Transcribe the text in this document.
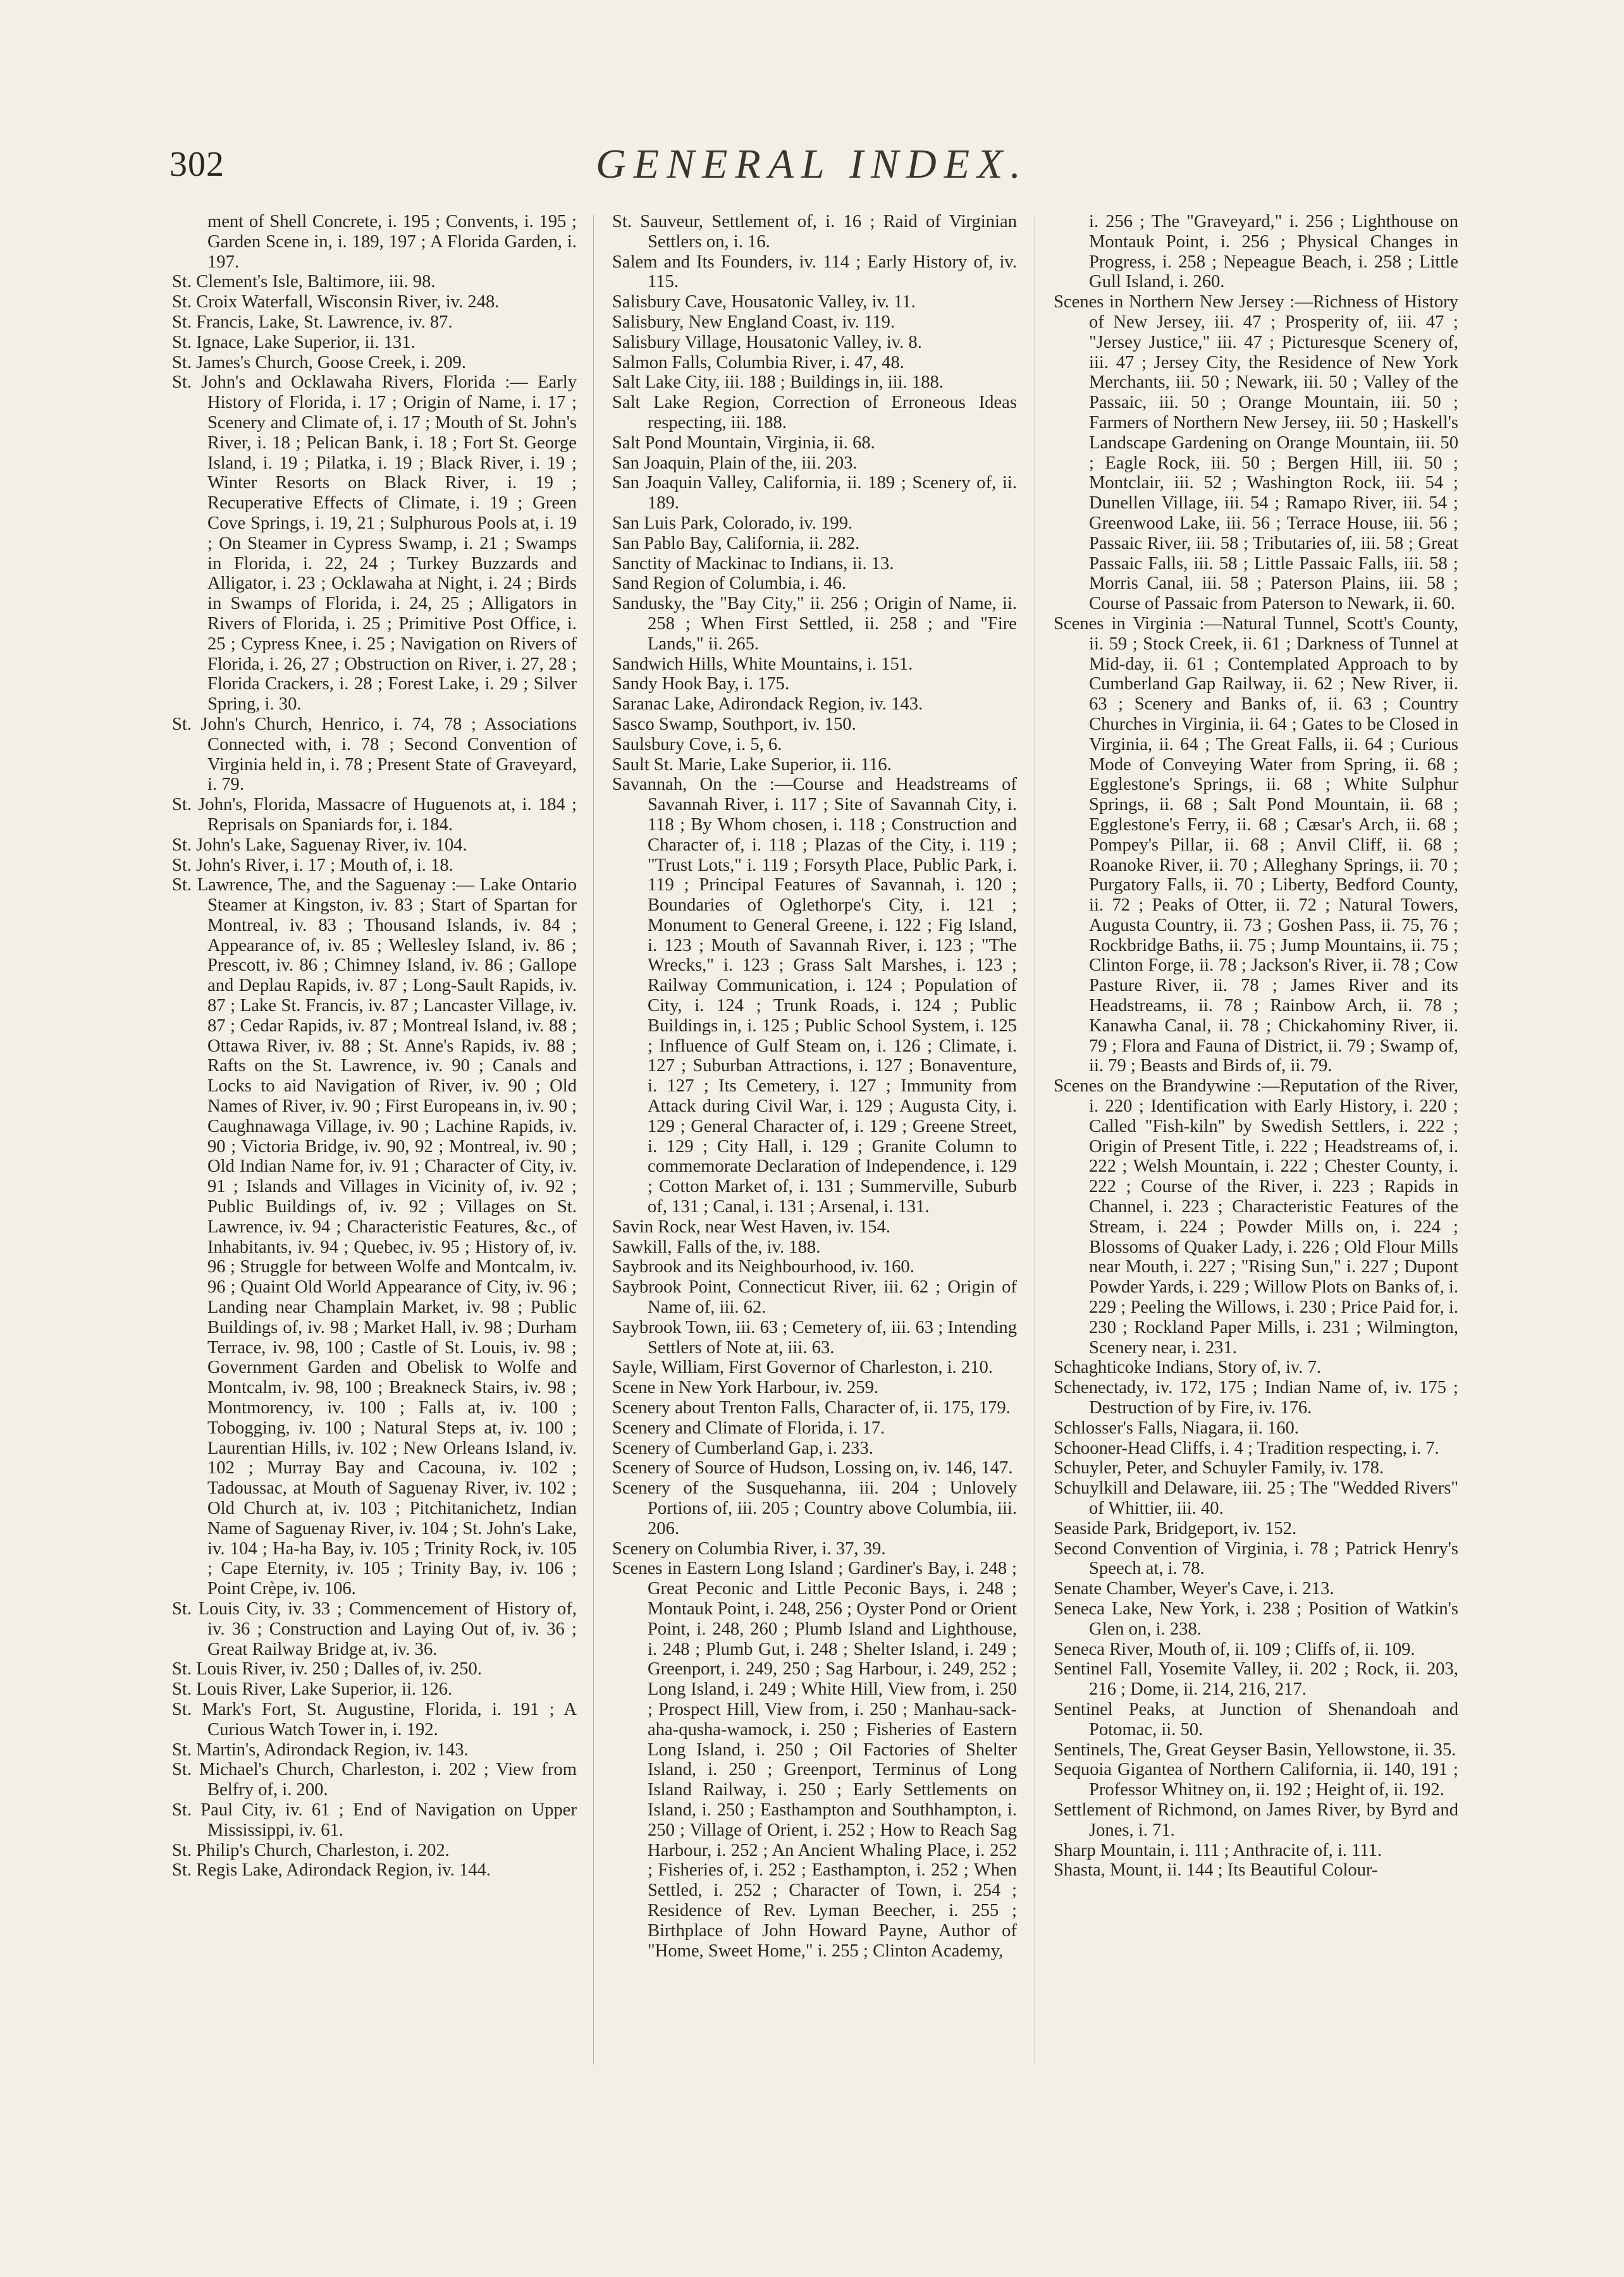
302	GENERAL INDEX.

ment of Shell Concrete, i. 195 ; Convents, i. 195 ; Garden Scene in, i. 189, 197 ; A Florida Garden, i. 197.

St. Clement's Isle, Baltimore, iii. 98.

St. Croix Waterfall, Wisconsin River, iv. 248.

St. Francis, Lake, St. Lawrence, iv. 87.

St. Ignace, Lake Superior, ii. 131.

St. James's Church, Goose Creek, i. 209.

St. John's and Ocklawaha Rivers, Florida :— Early History of Florida, i. 17 ; Origin of Name, i. 17 ; Scenery and Climate of, i. 17 ; Mouth of St. John's River, i. 18 ; Pelican Bank, i. 18 ; Fort St. George Island, i. 19 ; Pilatka, i. 19 ; Black River, i. 19 ; Winter Resorts on Black River, i. 19 ; Recuperative Effects of Climate, i. 19 ; Green Cove Springs, i. 19, 21 ; Sulphurous Pools at, i. 19 ; On Steamer in Cypress Swamp, i. 21 ; Swamps in Florida, i. 22, 24 ; Turkey Buzzards and Alligator, i. 23 ; Ocklawaha at Night, i. 24 ; Birds in Swamps of Florida, i. 24, 25 ; Alligators in Rivers of Florida, i. 25 ; Primitive Post Office, i. 25 ; Cypress Knee, i. 25 ; Navigation on Rivers of Florida, i. 26, 27 ; Obstruction on River, i. 27, 28 ; Florida Crackers, i. 28 ; Forest Lake, i. 29 ; Silver Spring, i. 30.

St. John's Church, Henrico, i. 74, 78 ; Associations Connected with, i. 78 ; Second Convention of Virginia held in, i. 78 ; Present State of Graveyard, i. 79.

St. John's, Florida, Massacre of Huguenots at, i. 184 ; Reprisals on Spaniards for, i. 184.

St. John's Lake, Saguenay River, iv. 104.

St. John's River, i. 17 ; Mouth of, i. 18.

St. Lawrence, The, and the Saguenay :— Lake Ontario Steamer at Kingston, iv. 83 ; Start of Spartan for Montreal, iv. 83 ; Thousand Islands, iv. 84 ; Appearance of, iv. 85 ; Wellesley Island, iv. 86 ; Prescott, iv. 86 ; Chimney Island, iv. 86 ; Gallope and Deplau Rapids, iv. 87 ; Long-Sault Rapids, iv. 87 ; Lake St. Francis, iv. 87 ; Lancaster Village, iv. 87 ; Cedar Rapids, iv. 87 ; Montreal Island, iv. 88 ; Ottawa River, iv. 88 ; St. Anne's Rapids, iv. 88 ; Rafts on the St. Lawrence, iv. 90 ; Canals and Locks to aid Navigation of River, iv. 90 ; Old Names of River, iv. 90 ; First Europeans in, iv. 90 ; Caughnawaga Village, iv. 90 ; Lachine Rapids, iv. 90 ; Victoria Bridge, iv. 90, 92 ; Montreal, iv. 90 ; Old Indian Name for, iv. 91 ; Character of City, iv. 91 ; Islands and Villages in Vicinity of, iv. 92 ; Public Buildings of, iv. 92 ; Villages on St. Lawrence, iv. 94 ; Characteristic Features, &c., of Inhabitants, iv. 94 ; Quebec, iv. 95 ; History of, iv. 96 ; Struggle for between Wolfe and Montcalm, iv. 96 ; Quaint Old World Appearance of City, iv. 96 ; Landing near Champlain Market, iv. 98 ; Public Buildings of, iv. 98 ; Market Hall, iv. 98 ; Durham Terrace, iv. 98, 100 ; Castle of St. Louis, iv. 98 ; Government Garden and Obelisk to Wolfe and Montcalm, iv. 98, 100 ; Breakneck Stairs, iv. 98 ; Montmorency, iv. 100 ; Falls at, iv. 100 ; Tobogging, iv. 100 ; Natural Steps at, iv. 100 ; Laurentian Hills, iv. 102 ; New Orleans Island, iv. 102 ; Murray Bay and Cacouna, iv. 102 ; Tadoussac, at Mouth of Saguenay River, iv. 102 ; Old Church at, iv. 103 ; Pitchitanichetz, Indian Name of Saguenay River, iv. 104 ; St. John's Lake, iv. 104 ; Ha-ha Bay, iv. 105 ; Trinity Rock, iv. 105 ; Cape Eternity, iv. 105 ; Trinity Bay, iv. 106 ; Point Crèpe, iv. 106.

St. Louis City, iv. 33 ; Commencement of History of, iv. 36 ; Construction and Laying Out of, iv. 36 ; Great Railway Bridge at, iv. 36.

St. Louis River, iv. 250 ; Dalles of, iv. 250.

St. Louis River, Lake Superior, ii. 126.

St. Mark's Fort, St. Augustine, Florida, i. 191 ; A Curious Watch Tower in, i. 192.

St. Martin's, Adirondack Region, iv. 143.

St. Michael's Church, Charleston, i. 202 ; View from Belfry of, i. 200.

St. Paul City, iv. 61 ; End of Navigation on Upper Mississippi, iv. 61.

St. Philip's Church, Charleston, i. 202.

St. Regis Lake, Adirondack Region, iv. 144.

St. Sauveur, Settlement of, i. 16 ; Raid of Virginian Settlers on, i. 16.

Salem and Its Founders, iv. 114 ; Early History of, iv. 115.

Salisbury Cave, Housatonic Valley, iv. 11.

Salisbury, New England Coast, iv. 119.

Salisbury Village, Housatonic Valley, iv. 8.

Salmon Falls, Columbia River, i. 47, 48.

Salt Lake City, iii. 188 ; Buildings in, iii. 188.

Salt Lake Region, Correction of Erroneous Ideas respecting, iii. 188.

Salt Pond Mountain, Virginia, ii. 68.

San Joaquin, Plain of the, iii. 203.

San Joaquin Valley, California, ii. 189 ; Scenery of, ii. 189.

San Luis Park, Colorado, iv. 199.

San Pablo Bay, California, ii. 282.

Sanctity of Mackinac to Indians, ii. 13.

Sand Region of Columbia, i. 46.

Sandusky, the "Bay City," ii. 256 ; Origin of Name, ii. 258 ; When First Settled, ii. 258 ; and "Fire Lands," ii. 265.

Sandwich Hills, White Mountains, i. 151.

Sandy Hook Bay, i. 175.

Saranac Lake, Adirondack Region, iv. 143.

Sasco Swamp, Southport, iv. 150.

Saulsbury Cove, i. 5, 6.

Sault St. Marie, Lake Superior, ii. 116.

Savannah, On the :—Course and Headstreams of Savannah River, i. 117 ; Site of Savannah City, i. 118 ; By Whom chosen, i. 118 ; Construction and Character of, i. 118 ; Plazas of the City, i. 119 ; "Trust Lots," i. 119 ; Forsyth Place, Public Park, i. 119 ; Principal Features of Savannah, i. 120 ; Boundaries of Oglethorpe's City, i. 121 ; Monument to General Greene, i. 122 ; Fig Island, i. 123 ; Mouth of Savannah River, i. 123 ; "The Wrecks," i. 123 ; Grass Salt Marshes, i. 123 ; Railway Communication, i. 124 ; Population of City, i. 124 ; Trunk Roads, i. 124 ; Public Buildings in, i. 125 ; Public School System, i. 125 ; Influence of Gulf Steam on, i. 126 ; Climate, i. 127 ; Suburban Attractions, i. 127 ; Bonaventure, i. 127 ; Its Cemetery, i. 127 ; Immunity from Attack during Civil War, i. 129 ; Augusta City, i. 129 ; General Character of, i. 129 ; Greene Street, i. 129 ; City Hall, i. 129 ; Granite Column to commemorate Declaration of Independence, i. 129 ; Cotton Market of, i. 131 ; Summerville, Suburb of, 131 ; Canal, i. 131 ; Arsenal, i. 131.

Savin Rock, near West Haven, iv. 154.

Sawkill, Falls of the, iv. 188.

Saybrook and its Neighbourhood, iv. 160.

Saybrook Point, Connecticut River, iii. 62 ; Origin of Name of, iii. 62.

Saybrook Town, iii. 63 ; Cemetery of, iii. 63 ; Intending Settlers of Note at, iii. 63.

Sayle, William, First Governor of Charleston, i. 210.

Scene in New York Harbour, iv. 259.

Scenery about Trenton Falls, Character of, ii. 175, 179.

Scenery and Climate of Florida, i. 17.

Scenery of Cumberland Gap, i. 233.

Scenery of Source of Hudson, Lossing on, iv. 146, 147.

Scenery of the Susquehanna, iii. 204 ; Unlovely Portions of, iii. 205 ; Country above Columbia, iii. 206.

Scenery on Columbia River, i. 37, 39.

Scenes in Eastern Long Island ; Gardiner's Bay, i. 248 ; Great Peconic and Little Peconic Bays, i. 248 ; Montauk Point, i. 248, 256 ; Oyster Pond or Orient Point, i. 248, 260 ; Plumb Island and Lighthouse, i. 248 ; Plumb Gut, i. 248 ; Shelter Island, i. 249 ; Greenport, i. 249, 250 ; Sag Harbour, i. 249, 252 ; Long Island, i. 249 ; White Hill, View from, i. 250 ; Prospect Hill, View from, i. 250 ; Manhau-sack-aha-qusha-wamock, i. 250 ; Fisheries of Eastern Long Island, i. 250 ; Oil Factories of Shelter Island, i. 250 ; Greenport, Terminus of Long Island Railway, i. 250 ; Early Settlements on Island, i. 250 ; Easthampton and Southhampton, i. 250 ; Village of Orient, i. 252 ; How to Reach Sag Harbour, i. 252 ; An Ancient Whaling Place, i. 252 ; Fisheries of, i. 252 ; Easthampton, i. 252 ; When Settled, i. 252 ; Character of Town, i. 254 ; Residence of Rev. Lyman Beecher, i. 255 ; Birthplace of John Howard Payne, Author of "Home, Sweet Home," i. 255 ; Clinton Academy,

i. 256 ; The "Graveyard," i. 256 ; Lighthouse on Montauk Point, i. 256 ; Physical Changes in Progress, i. 258 ; Nepeague Beach, i. 258 ; Little Gull Island, i. 260.

Scenes in Northern New Jersey :—Richness of History of New Jersey, iii. 47 ; Prosperity of, iii. 47 ; "Jersey Justice," iii. 47 ; Picturesque Scenery of, iii. 47 ; Jersey City, the Residence of New York Merchants, iii. 50 ; Newark, iii. 50 ; Valley of the Passaic, iii. 50 ; Orange Mountain, iii. 50 ; Farmers of Northern New Jersey, iii. 50 ; Haskell's Landscape Gardening on Orange Mountain, iii. 50 ; Eagle Rock, iii. 50 ; Bergen Hill, iii. 50 ; Montclair, iii. 52 ; Washington Rock, iii. 54 ; Dunellen Village, iii. 54 ; Ramapo River, iii. 54 ; Greenwood Lake, iii. 56 ; Terrace House, iii. 56 ; Passaic River, iii. 58 ; Tributaries of, iii. 58 ; Great Passaic Falls, iii. 58 ; Little Passaic Falls, iii. 58 ; Morris Canal, iii. 58 ; Paterson Plains, iii. 58 ; Course of Passaic from Paterson to Newark, ii. 60.

Scenes in Virginia :—Natural Tunnel, Scott's County, ii. 59 ; Stock Creek, ii. 61 ; Darkness of Tunnel at Mid-day, ii. 61 ; Contemplated Approach to by Cumberland Gap Railway, ii. 62 ; New River, ii. 63 ; Scenery and Banks of, ii. 63 ; Country Churches in Virginia, ii. 64 ; Gates to be Closed in Virginia, ii. 64 ; The Great Falls, ii. 64 ; Curious Mode of Conveying Water from Spring, ii. 68 ; Egglestone's Springs, ii. 68 ; White Sulphur Springs, ii. 68 ; Salt Pond Mountain, ii. 68 ; Egglestone's Ferry, ii. 68 ; Cæsar's Arch, ii. 68 ; Pompey's Pillar, ii. 68 ; Anvil Cliff, ii. 68 ; Roanoke River, ii. 70 ; Alleghany Springs, ii. 70 ; Purgatory Falls, ii. 70 ; Liberty, Bedford County, ii. 72 ; Peaks of Otter, ii. 72 ; Natural Towers, Augusta Country, ii. 73 ; Goshen Pass, ii. 75, 76 ; Rockbridge Baths, ii. 75 ; Jump Mountains, ii. 75 ; Clinton Forge, ii. 78 ; Jackson's River, ii. 78 ; Cow Pasture River, ii. 78 ; James River and its Headstreams, ii. 78 ; Rainbow Arch, ii. 78 ; Kanawha Canal, ii. 78 ; Chickahominy River, ii. 79 ; Flora and Fauna of District, ii. 79 ; Swamp of, ii. 79 ; Beasts and Birds of, ii. 79.

Scenes on the Brandywine :—Reputation of the River, i. 220 ; Identification with Early History, i. 220 ; Called "Fish-kiln" by Swedish Settlers, i. 222 ; Origin of Present Title, i. 222 ; Headstreams of, i. 222 ; Welsh Mountain, i. 222 ; Chester County, i. 222 ; Course of the River, i. 223 ; Rapids in Channel, i. 223 ; Characteristic Features of the Stream, i. 224 ; Powder Mills on, i. 224 ; Blossoms of Quaker Lady, i. 226 ; Old Flour Mills near Mouth, i. 227 ; "Rising Sun," i. 227 ; Dupont Powder Yards, i. 229 ; Willow Plots on Banks of, i. 229 ; Peeling the Willows, i. 230 ; Price Paid for, i. 230 ; Rockland Paper Mills, i. 231 ; Wilmington, Scenery near, i. 231.

Schaghticoke Indians, Story of, iv. 7.

Schenectady, iv. 172, 175 ; Indian Name of, iv. 175 ; Destruction of by Fire, iv. 176.

Schlosser's Falls, Niagara, ii. 160.

Schooner-Head Cliffs, i. 4 ; Tradition respecting, i. 7.

Schuyler, Peter, and Schuyler Family, iv. 178.

Schuylkill and Delaware, iii. 25 ; The "Wedded Rivers" of Whittier, iii. 40.

Seaside Park, Bridgeport, iv. 152.

Second Convention of Virginia, i. 78 ; Patrick Henry's Speech at, i. 78.

Senate Chamber, Weyer's Cave, i. 213.

Seneca Lake, New York, i. 238 ; Position of Watkin's Glen on, i. 238.

Seneca River, Mouth of, ii. 109 ; Cliffs of, ii. 109.

Sentinel Fall, Yosemite Valley, ii. 202 ; Rock, ii. 203, 216 ; Dome, ii. 214, 216, 217.

Sentinel Peaks, at Junction of Shenandoah and Potomac, ii. 50.

Sentinels, The, Great Geyser Basin, Yellowstone, ii. 35.

Sequoia Gigantea of Northern California, ii. 140, 191 ; Professor Whitney on, ii. 192 ; Height of, ii. 192.

Settlement of Richmond, on James River, by Byrd and Jones, i. 71.

Sharp Mountain, i. 111 ; Anthracite of, i. 111.

Shasta, Mount, ii. 144 ; Its Beautiful Colour-
